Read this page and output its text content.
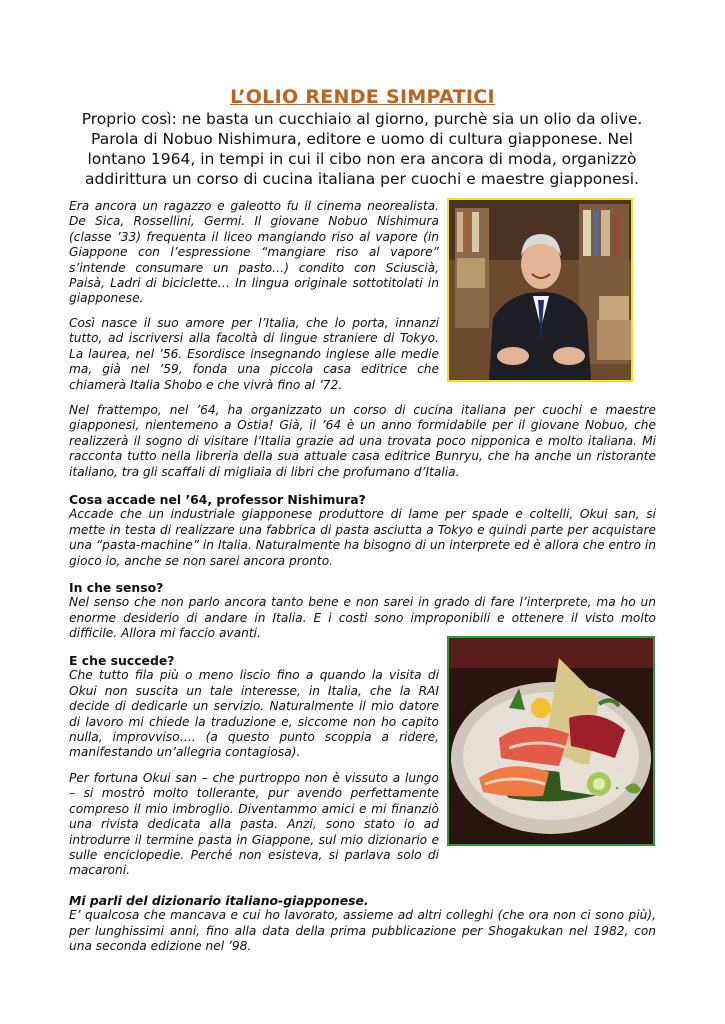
L’OLIO RENDE SIMPATICI
Proprio così: ne basta un cucchiaio al giorno, purchè sia un olio da olive. Parola di Nobuo Nishimura, editore e uomo di cultura giapponese. Nel lontano 1964, in tempi in cui il cibo non era ancora di moda, organizzò addirittura un corso di cucina italiana per cuochi e maestre giapponesi.

Era ancora un ragazzo e galeotto fu il cinema neorealista. De Sica, Rossellini, Germi. Il giovane Nobuo Nishimura (classe ’33) frequenta il liceo mangiando riso al vapore (in Giappone con l’espressione “mangiare riso al vapore” s’intende consumare un pasto…) condito con Sciuscià, Paisà, Ladri di biciclette… In lingua originale sottotitolati in giapponese.

Così nasce il suo amore per l’Italia, che lo porta, innanzi tutto, ad iscriversi alla facoltà di lingue straniere di Tokyo. La laurea, nel ’56. Esordisce insegnando inglese alle medie ma, già nel ’59, fonda una piccola casa editrice che chiamerà Italia Shobo e che vivrà fino al ’72.

Nel frattempo, nel ’64, ha organizzato un corso di cucina italiana per cuochi e maestre giapponesi, nientemeno a Ostia! Già, il ’64 è un anno formidabile per il giovane Nobuo, che realizzerà il sogno di visitare l’Italia grazie ad una trovata poco nipponica e molto italiana. Mi racconta tutto nella libreria della sua attuale casa editrice Bunryu, che ha anche un ristorante italiano, tra gli scaffali di migliaia di libri che profumano d’Italia.

Cosa accade nel ’64, professor Nishimura?
Accade che un industriale giapponese produttore di lame per spade e coltelli, Okui san, si mette in testa di realizzare una fabbrica di pasta asciutta a Tokyo e quindi parte per acquistare una “pasta-machine” in Italia. Naturalmente ha bisogno di un interprete ed è allora che entro in gioco io, anche se non sarei ancora pronto.
In che senso?
Nel senso che non parlo ancora tanto bene e non sarei in grado di fare l’interprete, ma ho un enorme desiderio di andare in Italia. E i costi sono improponibili e ottenere il visto molto difficile. Allora mi faccio avanti.
E che succede?
Che tutto fila più o meno liscio fino a quando la visita di Okui non suscita un tale interesse, in Italia, che la RAI decide di dedicarle un servizio. Naturalmente il mio datore di lavoro mi chiede la traduzione e, siccome non ho capito nulla, improvviso…. (a questo punto scoppia a ridere, manifestando un’allegria contagiosa).

Per fortuna Okui san – che purtroppo non è vissuto a lungo – si mostrò molto tollerante, pur avendo perfettamente compreso il mio imbroglio. Diventammo amici e mi finanziò una rivista dedicata alla pasta. Anzi, sono stato io ad introdurre il termine pasta in Giappone, sul mio dizionario e sulle enciclopedie. Perché non esisteva, si parlava solo di macaroni.

Mi parli del dizionario italiano-giapponese.
E’ qualcosa che mancava e cui ho lavorato, assieme ad altri colleghi (che ora non ci sono più), per lunghissimi anni, fino alla data della prima pubblicazione per Shogakukan nel 1982, con una seconda edizione nel ’98.
